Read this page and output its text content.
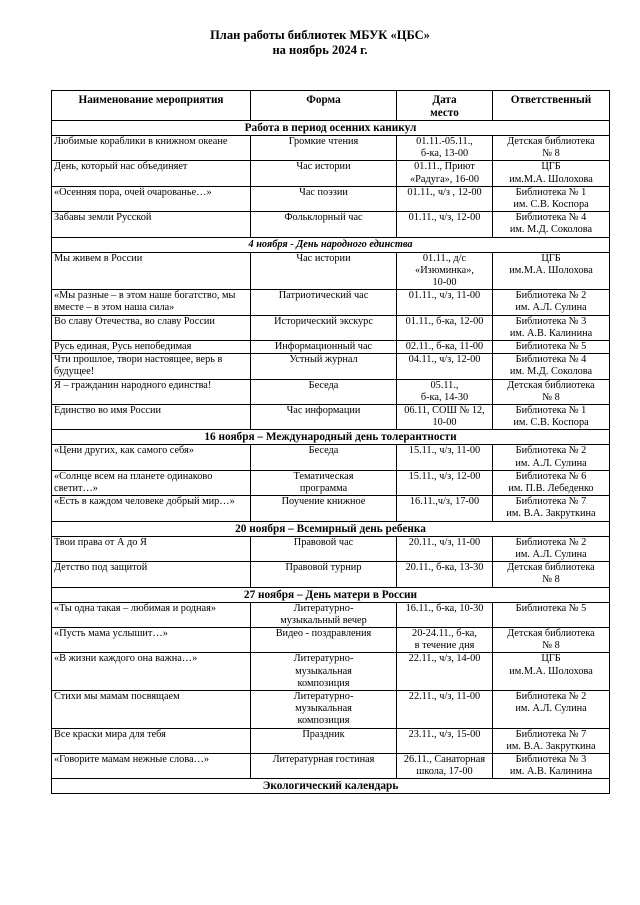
План работы библиотек МБУК «ЦБС»
на ноябрь 2024 г.
Наименование мероприятия	Форма	Дата
место	Ответственный
Работа в период осенних каникул			
Любимые кораблики в книжном океане	Громкие чтения	01.11.-05.11.,
б-ка, 13-00	Детская библиотека
№ 8
День, который нас объединяет	Час истории	01.11., Приют
«Радуга», 16-00	ЦГБ
им.М.А. Шолохова
«Осенняя пора, очей очарованье…»	Час поэзии	01.11., ч/з , 12-00	Библиотека № 1
им. С.В. Коспора
Забавы земли Русской	Фольклорный час	01.11., ч/з, 12-00	Библиотека № 4
им. М.Д. Соколова
4 ноября - День народного единства			
Мы живем в России	Час истории	01.11., д/с
«Изюминка»,
10-00	ЦГБ
им.М.А. Шолохова
«Мы разные – в этом наше богатство, мы вместе – в этом наша сила»	Патриотический час	01.11., ч/з, 11-00	Библиотека № 2
им. А.Л. Сулина
Во славу Отечества, во славу России	Исторический экскурс	01.11., б-ка, 12-00	Библиотека № 3
им. А.В. Калинина
Русь единая, Русь непобедимая	Информационный час	02.11., б-ка, 11-00	Библиотека № 5
Чти прошлое, твори настоящее, верь в будущее!	Устный журнал	04.11., ч/з, 12-00	Библиотека № 4
им. М.Д. Соколова
Я – гражданин народного единства!	Беседа	05.11.,
б-ка, 14-30	Детская библиотека
№ 8
Единство во имя России	Час информации	06.11, СОШ № 12,
10-00	Библиотека № 1
им. С.В. Коспора
16 ноября – Международный день толерантности			
«Цени других, как самого себя»	Беседа	15.11., ч/з, 11-00	Библиотека № 2
им. А.Л. Сулина
«Солнце всем на планете одинаково светит…»	Тематическая
программа	15.11., ч/з, 12-00	Библиотека № 6
им. П.В. Лебеденко
«Есть в каждом человеке добрый мир…»	Поучение книжное	16.11.,ч/з, 17-00	Библиотека № 7
им. В.А. Закруткина
20 ноября – Всемирный день ребенка			
Твои права от А до Я	Правовой час	20.11., ч/з, 11-00	Библиотека № 2
им. А.Л. Сулина
Детство под защитой	Правовой турнир	20.11., б-ка, 13-30	Детская библиотека
№ 8
27 ноября – День матери в России			
«Ты одна такая – любимая и родная»	Литературно-
музыкальный вечер	16.11., б-ка, 10-30	Библиотека № 5
«Пусть мама услышит…»	Видео - поздравления	20-24.11., б-ка,
в течение дня	Детская библиотека
№ 8
«В жизни каждого она важна…»	Литературно-
музыкальная
композиция	22.11., ч/з, 14-00	ЦГБ
им.М.А. Шолохова
Стихи мы мамам посвящаем	Литературно-
музыкальная
композиция	22.11., ч/з, 11-00	Библиотека № 2
им. А.Л. Сулина
Все краски мира для тебя	Праздник	23.11., ч/з, 15-00	Библиотека № 7
им. В.А. Закруткина
«Говорите мамам нежные слова…»	Литературная гостиная	26.11., Санаторная
школа, 17-00	Библиотека № 3
им. А.В. Калинина
Экологический календарь			
